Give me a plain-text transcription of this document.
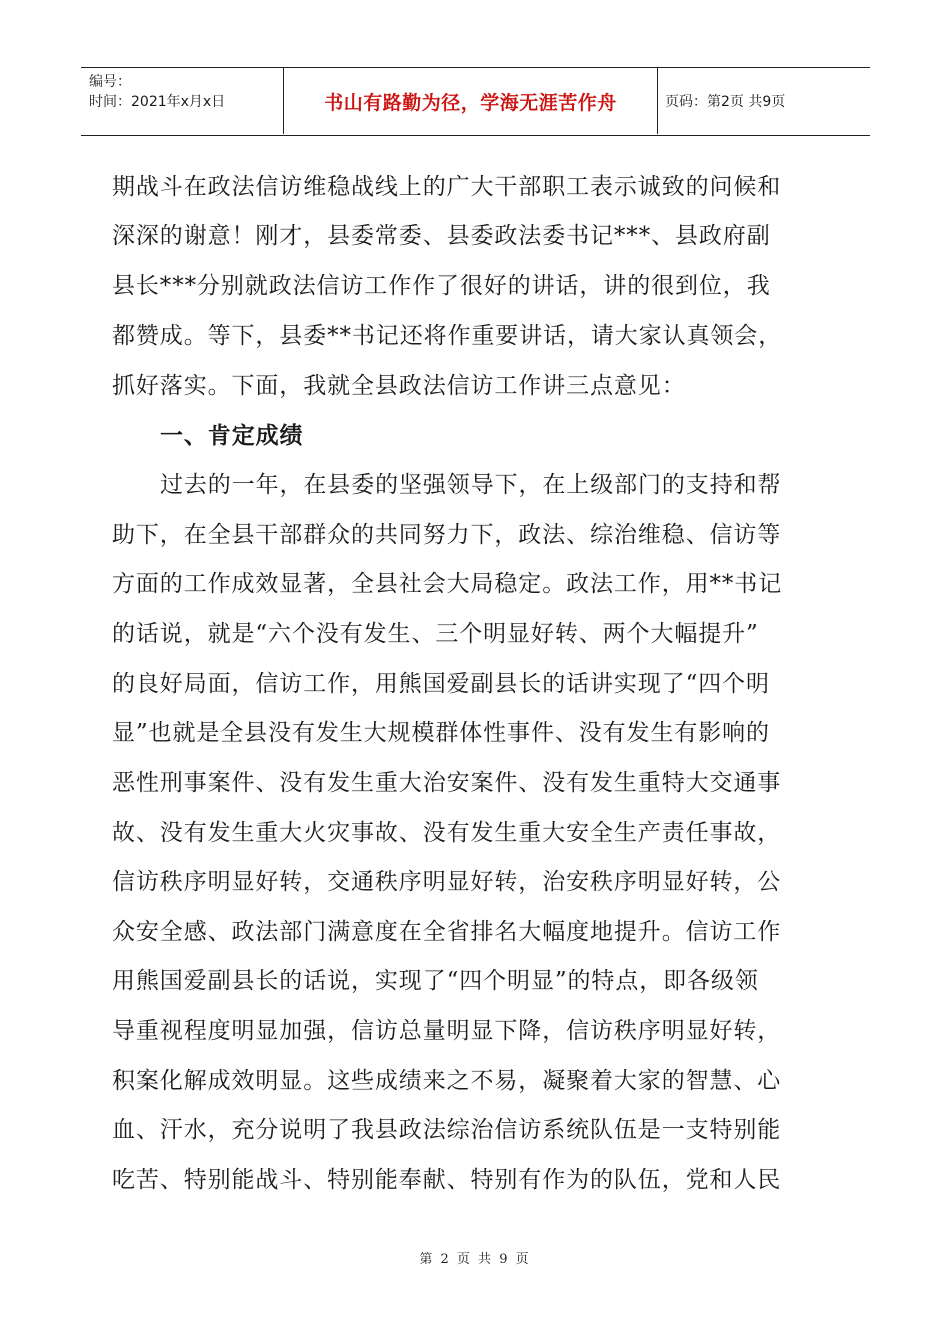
编号：
时间：2021年x月x日	书山有路勤为径，学海无涯苦作舟	页码：第2页 共9页
期战斗在政法信访维稳战线上的广大干部职工表示诚致的问候和
深深的谢意！刚才，县委常委、县委政法委书记***、县政府副
县长***分别就政法信访工作作了很好的讲话，讲的很到位，我
都赞成。等下，县委**书记还将作重要讲话，请大家认真领会，
抓好落实。下面，我就全县政法信访工作讲三点意见：
一、肯定成绩
过去的一年，在县委的坚强领导下，在上级部门的支持和帮
助下，在全县干部群众的共同努力下，政法、综治维稳、信访等
方面的工作成效显著，全县社会大局稳定。政法工作，用**书记
的话说，就是“六个没有发生、三个明显好转、两个大幅提升”
的良好局面，信访工作，用熊国爱副县长的话讲实现了“四个明
显”也就是全县没有发生大规模群体性事件、没有发生有影响的
恶性刑事案件、没有发生重大治安案件、没有发生重特大交通事
故、没有发生重大火灾事故、没有发生重大安全生产责任事故，
信访秩序明显好转，交通秩序明显好转，治安秩序明显好转，公
众安全感、政法部门满意度在全省排名大幅度地提升。信访工作
用熊国爱副县长的话说，实现了“四个明显”的特点，即各级领
导重视程度明显加强，信访总量明显下降，信访秩序明显好转，
积案化解成效明显。这些成绩来之不易，凝聚着大家的智慧、心
血、汗水，充分说明了我县政法综治信访系统队伍是一支特别能
吃苦、特别能战斗、特别能奉献、特别有作为的队伍，党和人民
第 2 页 共 9 页
